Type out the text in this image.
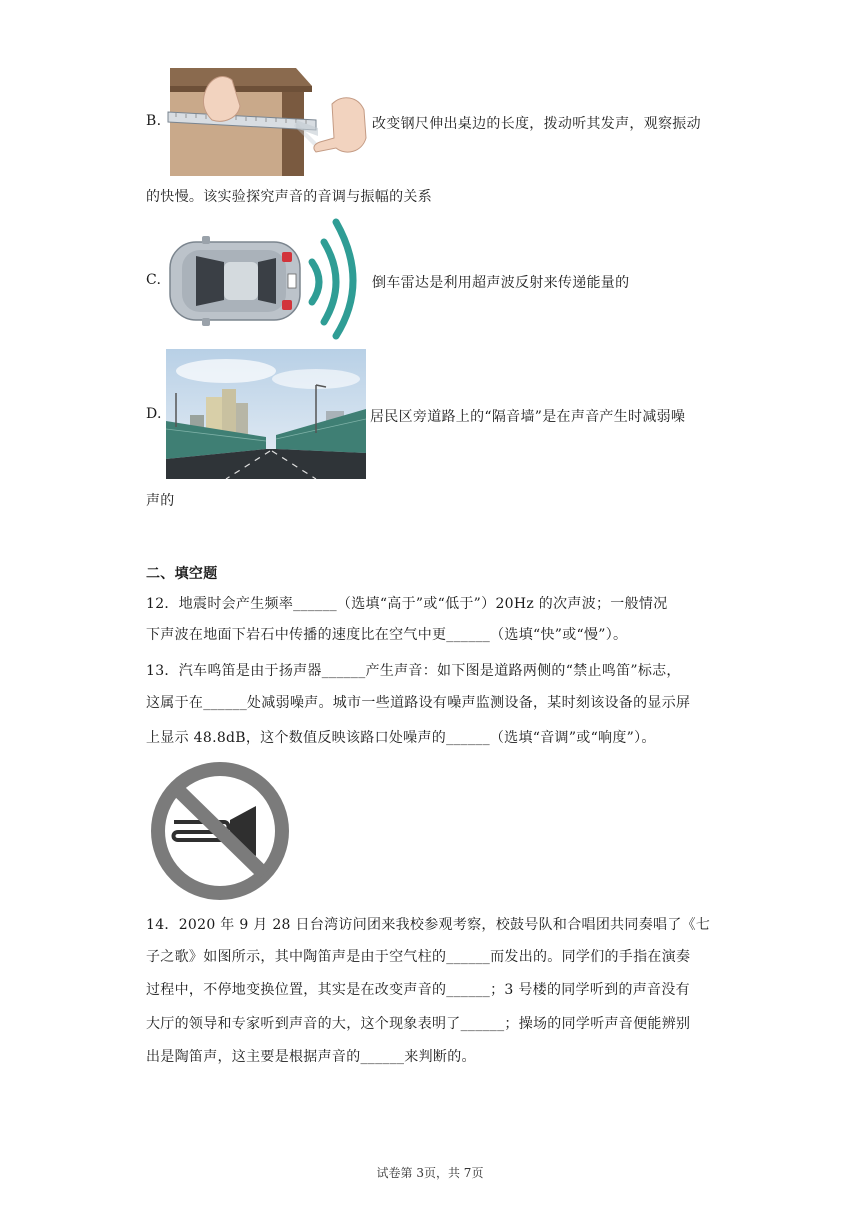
B.	改变钢尺伸出桌边的长度，拨动听其发声，观察振动
的快慢。该实验探究声音的音调与振幅的关系
C.	倒车雷达是利用超声波反射来传递能量的
D.	居民区旁道路上的“隔音墙”是在声音产生时减弱噪
声的
二、填空题
12．地震时会产生频率______（选填“高于”或“低于”）20Hz 的次声波；一般情况
下声波在地面下岩石中传播的速度比在空气中更______（选填“快”或“慢”）。
13．汽车鸣笛是由于扬声器______产生声音：如下图是道路两侧的“禁止鸣笛”标志，
这属于在______处减弱噪声。城市一些道路设有噪声监测设备，某时刻该设备的显示屏
上显示 48.8dB，这个数值反映该路口处噪声的______（选填“音调”或“响度”）。
14．2020 年 9 月 28 日台湾访问团来我校参观考察，校鼓号队和合唱团共同奏唱了《七
子之歌》如图所示，其中陶笛声是由于空气柱的______而发出的。同学们的手指在演奏
过程中，不停地变换位置，其实是在改变声音的______；3 号楼的同学听到的声音没有
大厅的领导和专家听到声音的大，这个现象表明了______；操场的同学听声音便能辨别
出是陶笛声，这主要是根据声音的______来判断的。
试卷第 3页，共 7页
